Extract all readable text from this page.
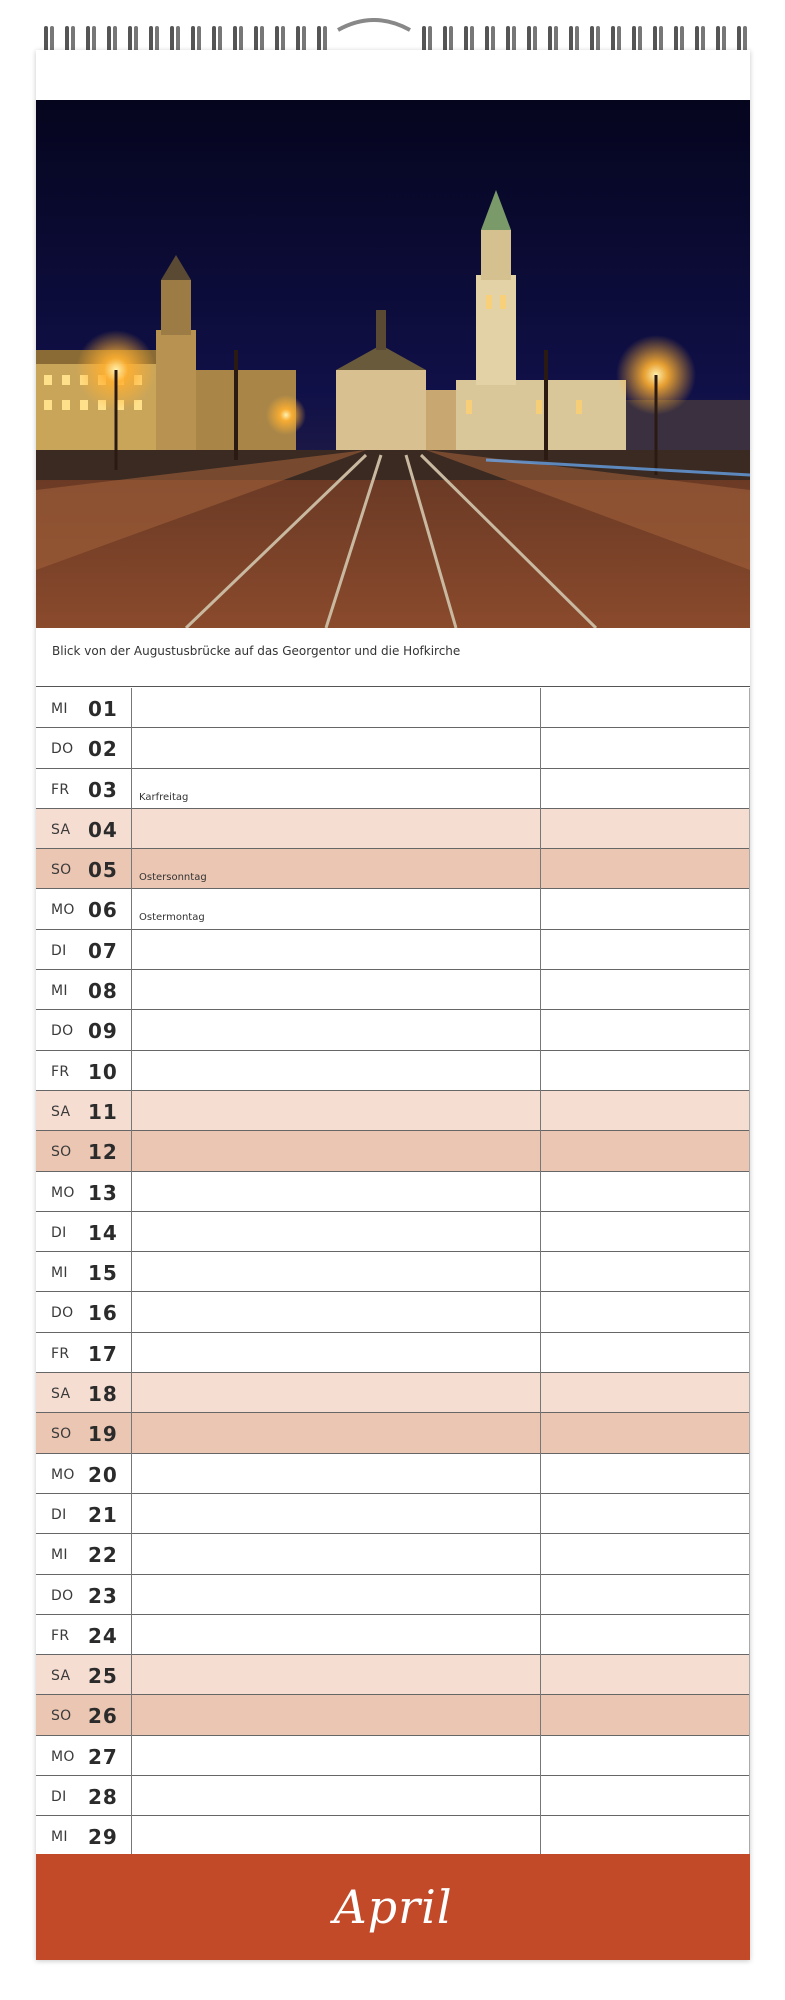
Blick von der Augustusbrücke auf das Georgentor und die Hofkirche
MI 01
DO 02
FR 03 Karfreitag
SA 04
SO 05 Ostersonntag
MO 06 Ostermontag
DI 07
MI 08
DO 09
FR 10
SA 11
SO 12
MO 13
DI 14
MI 15
DO 16
FR 17
SA 18
SO 19
MO 20
DI 21
MI 22
DO 23
FR 24
SA 25
SO 26
MO 27
DI 28
MI 29
April
